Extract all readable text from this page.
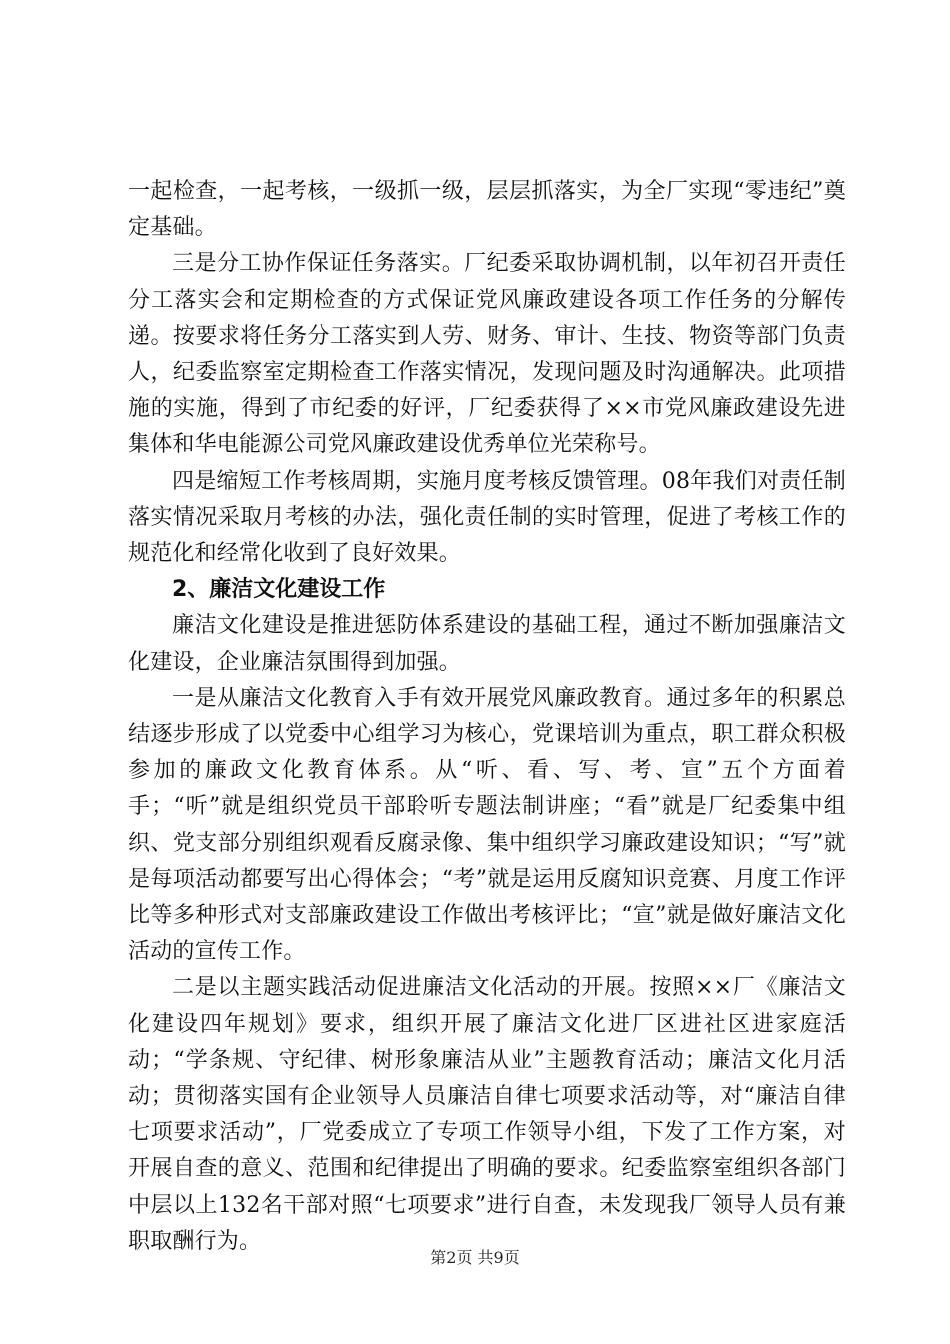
一起检查，一起考核，一级抓一级，层层抓落实，为全厂实现“零违纪”奠定基础。

三是分工协作保证任务落实。厂纪委采取协调机制，以年初召开责任分工落实会和定期检查的方式保证党风廉政建设各项工作任务的分解传递。按要求将任务分工落实到人劳、财务、审计、生技、物资等部门负责人，纪委监察室定期检查工作落实情况，发现问题及时沟通解决。此项措施的实施，得到了市纪委的好评，厂纪委获得了××市党风廉政建设先进集体和华电能源公司党风廉政建设优秀单位光荣称号。

四是缩短工作考核周期，实施月度考核反馈管理。08年我们对责任制落实情况采取月考核的办法，强化责任制的实时管理，促进了考核工作的规范化和经常化收到了良好效果。

2、廉洁文化建设工作

廉洁文化建设是推进惩防体系建设的基础工程，通过不断加强廉洁文化建设，企业廉洁氛围得到加强。

一是从廉洁文化教育入手有效开展党风廉政教育。通过多年的积累总结逐步形成了以党委中心组学习为核心，党课培训为重点，职工群众积极参加的廉政文化教育体系。从“听、看、写、考、宣”五个方面着手；“听”就是组织党员干部聆听专题法制讲座；“看”就是厂纪委集中组织、党支部分别组织观看反腐录像、集中组织学习廉政建设知识；“写”就是每项活动都要写出心得体会；“考”就是运用反腐知识竞赛、月度工作评比等多种形式对支部廉政建设工作做出考核评比；“宣”就是做好廉洁文化活动的宣传工作。

二是以主题实践活动促进廉洁文化活动的开展。按照××厂《廉洁文化建设四年规划》要求，组织开展了廉洁文化进厂区进社区进家庭活动；“学条规、守纪律、树形象廉洁从业”主题教育活动；廉洁文化月活动；贯彻落实国有企业领导人员廉洁自律七项要求活动等，对“廉洁自律七项要求活动”，厂党委成立了专项工作领导小组，下发了工作方案，对开展自查的意义、范围和纪律提出了明确的要求。纪委监察室组织各部门中层以上132名干部对照“七项要求”进行自查，未发现我厂领导人员有兼职取酬行为。

第2页 共9页
